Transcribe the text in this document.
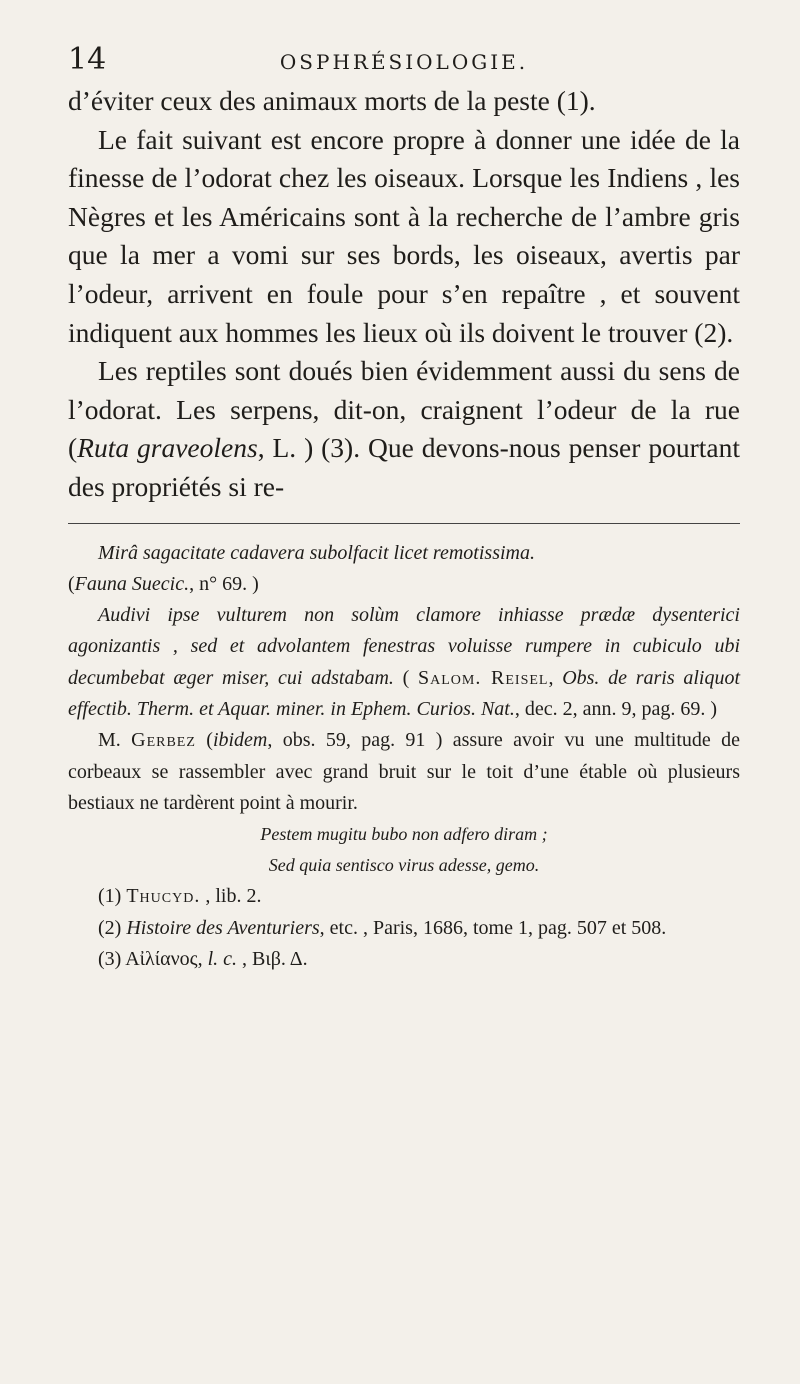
14	OSPHRÉSIOLOGIE.

d’éviter ceux des animaux morts de la peste (1).

Le fait suivant est encore propre à donner une idée de la finesse de l’odorat chez les oiseaux. Lorsque les Indiens , les Nègres et les Américains sont à la recherche de l’ambre gris que la mer a vomi sur ses bords, les oiseaux, avertis par l’odeur, arrivent en foule pour s’en repaître , et souvent indiquent aux hommes les lieux où ils doivent le trouver (2).

Les reptiles sont doués bien évidemment aussi du sens de l’odorat. Les serpens, dit-on, craignent l’odeur de la rue (Ruta graveolens, L. ) (3). Que devons-nous penser pourtant des propriétés si re-

Mirâ sagacitate cadavera subolfacit licet remotissima.
(Fauna Suecic., n° 69. )

Audivi ipse vulturem non solùm clamore inhiasse prædæ dysenterici agonizantis , sed et advolantem fenestras voluisse rumpere in cubiculo ubi decumbebat æger miser, cui adstabam. ( Salom. Reisel, Obs. de raris aliquot effectib. Therm. et Aquar. miner. in Ephem. Curios. Nat., dec. 2, ann. 9, pag. 69. )

M. Gerbez (ibidem, obs. 59, pag. 91 ) assure avoir vu une multitude de corbeaux se rassembler avec grand bruit sur le toit d’une étable où plusieurs bestiaux ne tardèrent point à mourir.

Pestem mugitu bubo non adfero diram ;

Sed quia sentisco virus adesse, gemo.

(1) Thucyd. , lib. 2.

(2) Histoire des Aventuriers, etc. , Paris, 1686, tome 1, pag. 507 et 508.

(3) Αἰλίανος, l. c. , Βιβ. Δ.
